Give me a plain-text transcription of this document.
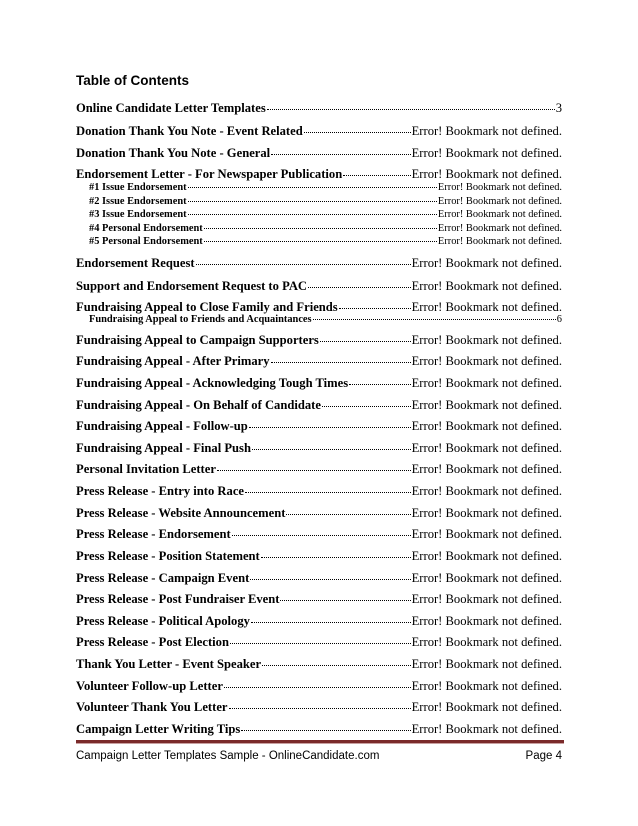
Table of Contents
Online Candidate Letter Templates	3
Donation Thank You Note - Event Related	Error! Bookmark not defined.
Donation Thank You Note - General	Error! Bookmark not defined.
Endorsement Letter - For Newspaper Publication	Error! Bookmark not defined.
#1 Issue Endorsement	Error! Bookmark not defined.
#2 Issue Endorsement	Error! Bookmark not defined.
#3 Issue Endorsement	Error! Bookmark not defined.
#4 Personal Endorsement	Error! Bookmark not defined.
#5 Personal Endorsement	Error! Bookmark not defined.
Endorsement Request	Error! Bookmark not defined.
Support and Endorsement Request to PAC	Error! Bookmark not defined.
Fundraising Appeal to Close Family and Friends	Error! Bookmark not defined.
Fundraising Appeal to Friends and Acquaintances	6
Fundraising Appeal to Campaign Supporters	Error! Bookmark not defined.
Fundraising Appeal - After Primary	Error! Bookmark not defined.
Fundraising Appeal - Acknowledging Tough Times	Error! Bookmark not defined.
Fundraising Appeal - On Behalf of Candidate	Error! Bookmark not defined.
Fundraising Appeal - Follow-up	Error! Bookmark not defined.
Fundraising Appeal - Final Push	Error! Bookmark not defined.
Personal Invitation Letter	Error! Bookmark not defined.
Press Release - Entry into Race	Error! Bookmark not defined.
Press Release - Website Announcement	Error! Bookmark not defined.
Press Release - Endorsement	Error! Bookmark not defined.
Press Release - Position Statement	Error! Bookmark not defined.
Press Release - Campaign Event	Error! Bookmark not defined.
Press Release - Post Fundraiser Event	Error! Bookmark not defined.
Press Release - Political Apology	Error! Bookmark not defined.
Press Release - Post Election	Error! Bookmark not defined.
Thank You Letter - Event Speaker	Error! Bookmark not defined.
Volunteer Follow-up Letter	Error! Bookmark not defined.
Volunteer Thank You Letter	Error! Bookmark not defined.
Campaign Letter Writing Tips	Error! Bookmark not defined.
Campaign Letter Templates Sample - OnlineCandidate.com	Page 4
